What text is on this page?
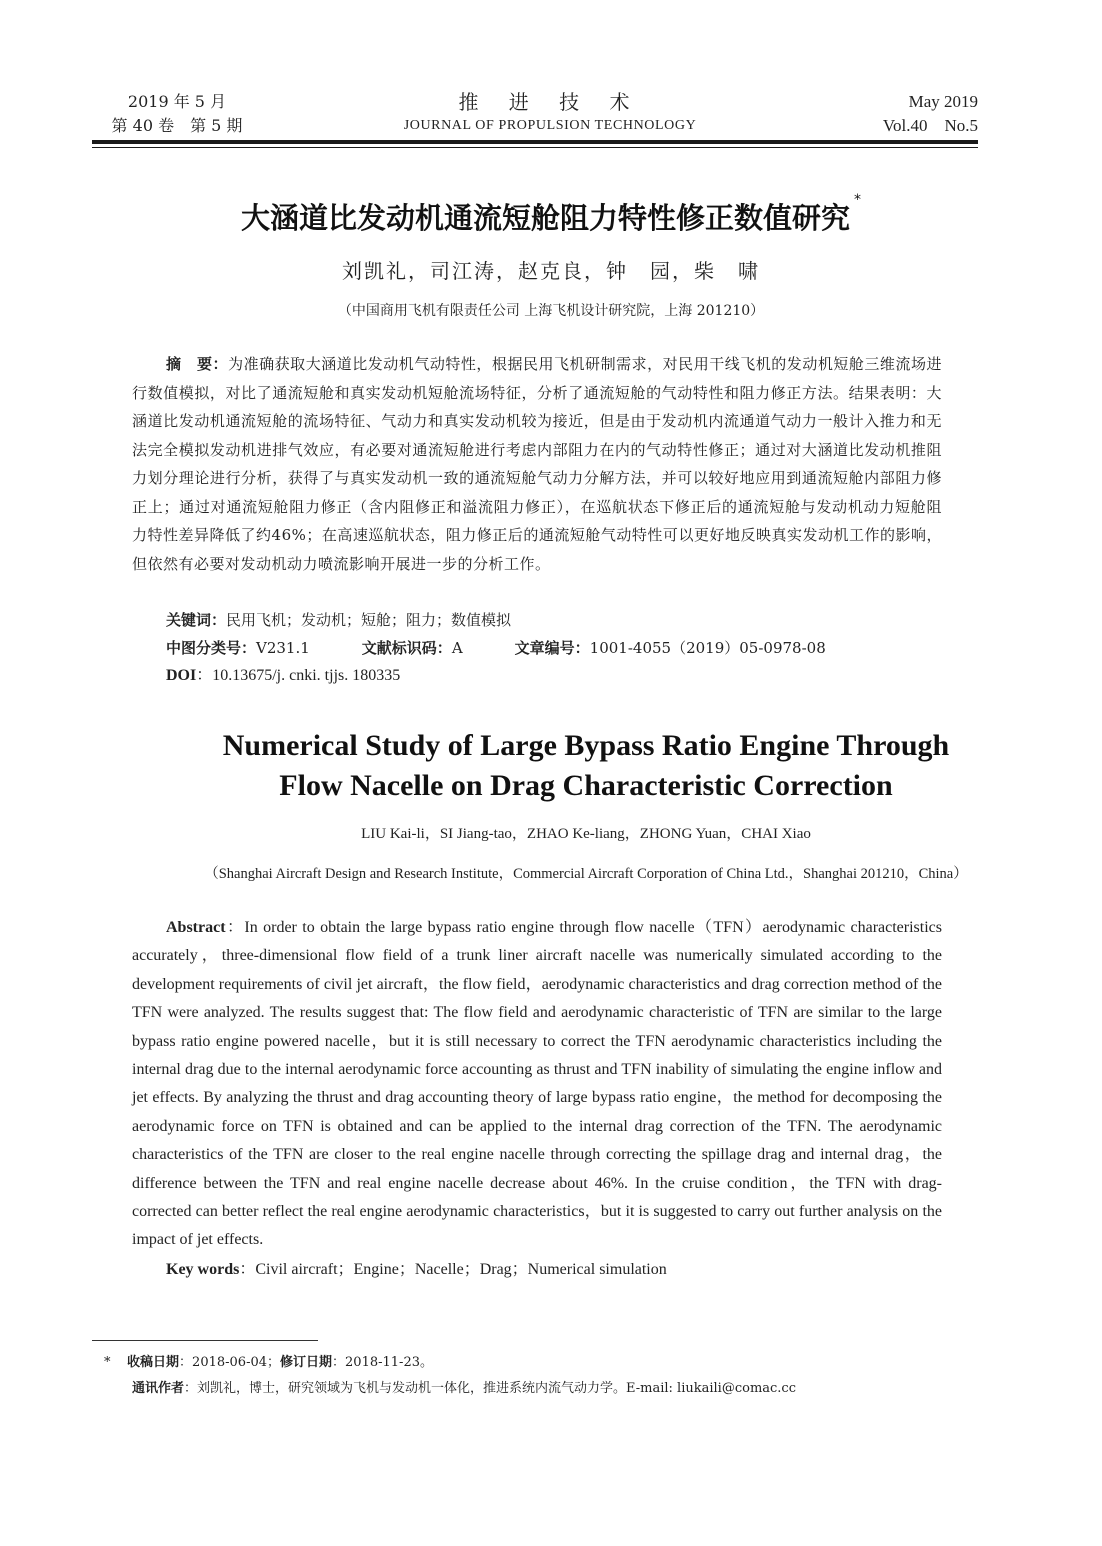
2019 年 5 月
第 40 卷　第 5 期
推 进 技 术
JOURNAL OF PROPULSION TECHNOLOGY
May 2019
Vol.40　No.5
大涵道比发动机通流短舱阻力特性修正数值研究*
刘凯礼，司江涛，赵克良，钟　园，柴　啸
（中国商用飞机有限责任公司 上海飞机设计研究院，上海 201210）
摘　要：为准确获取大涵道比发动机气动特性，根据民用飞机研制需求，对民用干线飞机的发动机短舱三维流场进行数值模拟，对比了通流短舱和真实发动机短舱流场特征，分析了通流短舱的气动特性和阻力修正方法。结果表明：大涵道比发动机通流短舱的流场特征、气动力和真实发动机较为接近，但是由于发动机内流通道气动力一般计入推力和无法完全模拟发动机进排气效应，有必要对通流短舱进行考虑内部阻力在内的气动特性修正；通过对大涵道比发动机推阻力划分理论进行分析，获得了与真实发动机一致的通流短舱气动力分解方法，并可以较好地应用到通流短舱内部阻力修正上；通过对通流短舱阻力修正（含内阻修正和溢流阻力修正），在巡航状态下修正后的通流短舱与发动机动力短舱阻力特性差异降低了约46%；在高速巡航状态，阻力修正后的通流短舱气动特性可以更好地反映真实发动机工作的影响，但依然有必要对发动机动力喷流影响开展进一步的分析工作。
关键词：民用飞机；发动机；短舱；阻力；数值模拟
中图分类号：V231.1	文献标识码：A	文章编号：1001-4055（2019）05-0978-08
DOI：10.13675/j. cnki. tjjs. 180335
Numerical Study of Large Bypass Ratio Engine Through
Flow Nacelle on Drag Characteristic Correction
LIU Kai-li，SI Jiang-tao，ZHAO Ke-liang，ZHONG Yuan，CHAI Xiao
（Shanghai Aircraft Design and Research Institute，Commercial Aircraft Corporation of China Ltd.，Shanghai 201210，China）
Abstract：In order to obtain the large bypass ratio engine through flow nacelle（TFN）aerodynamic characteristics accurately，three-dimensional flow field of a trunk liner aircraft nacelle was numerically simulated according to the development requirements of civil jet aircraft，the flow field，aerodynamic characteristics and drag correction method of the TFN were analyzed. The results suggest that: The flow field and aerodynamic characteristic of TFN are similar to the large bypass ratio engine powered nacelle，but it is still necessary to correct the TFN aerodynamic characteristics including the internal drag due to the internal aerodynamic force accounting as thrust and TFN inability of simulating the engine inflow and jet effects. By analyzing the thrust and drag accounting theory of large bypass ratio engine，the method for decomposing the aerodynamic force on TFN is obtained and can be applied to the internal drag correction of the TFN. The aerodynamic characteristics of the TFN are closer to the real engine nacelle through correcting the spillage drag and internal drag，the difference between the TFN and real engine nacelle decrease about 46%. In the cruise condition，the TFN with drag-corrected can better reflect the real engine aerodynamic characteristics，but it is suggested to carry out further analysis on the impact of jet effects.
Key words：Civil aircraft；Engine；Nacelle；Drag；Numerical simulation
* 收稿日期：2018-06-04；修订日期：2018-11-23。
通讯作者：刘凯礼，博士，研究领域为飞机与发动机一体化，推进系统内流气动力学。E-mail: liukaili@comac.cc
